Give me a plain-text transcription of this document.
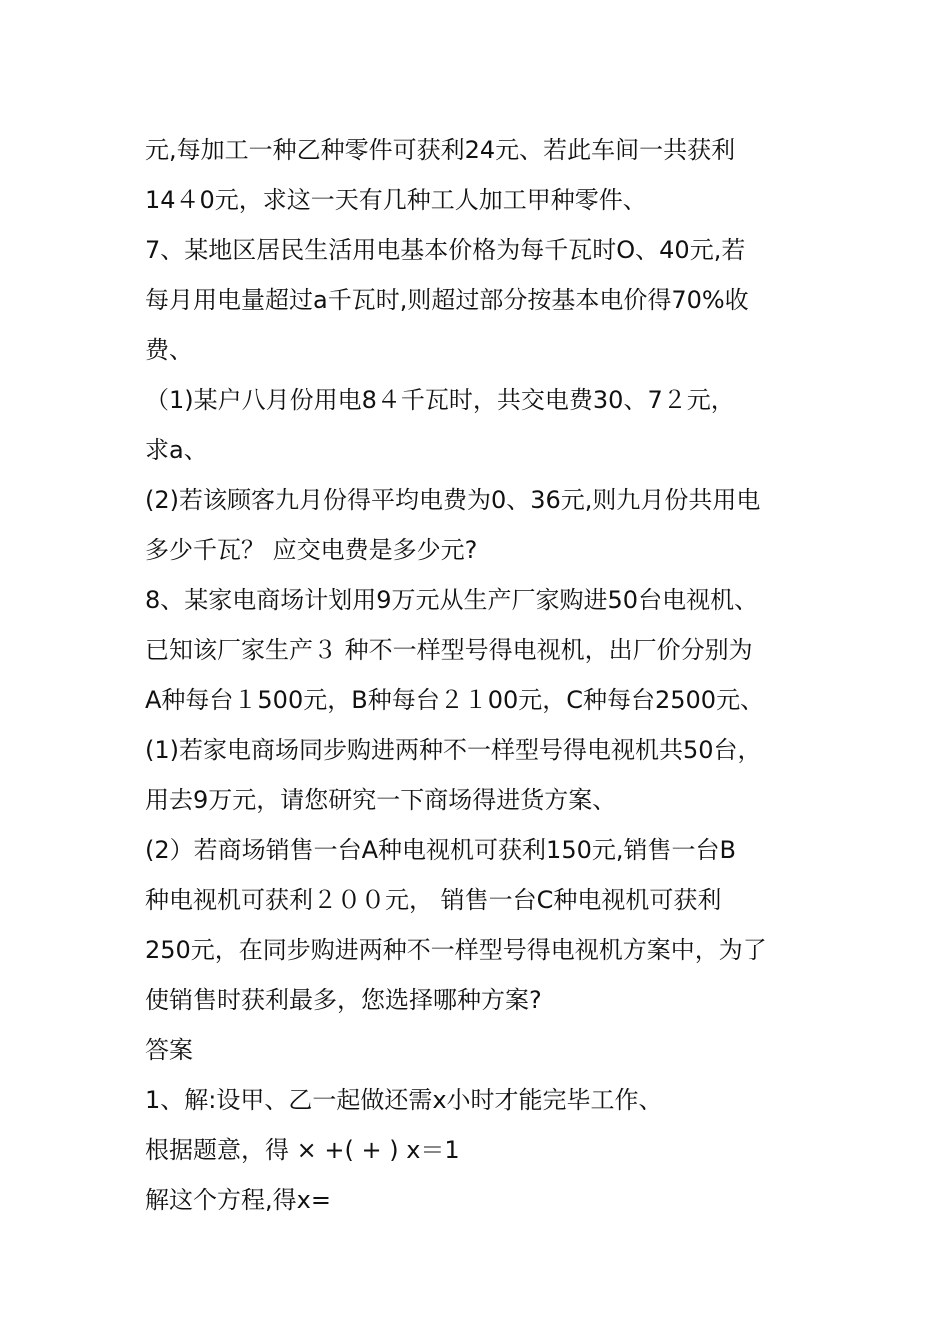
元,每加工一种乙种零件可获利24元、若此车间一共获利
14４0元，求这一天有几种工人加工甲种零件、
7、某地区居民生活用电基本价格为每千瓦时O、40元,若
每月用电量超过a千瓦时,则超过部分按基本电价得70%收
费、
（1)某户八月份用电8４千瓦时，共交电费30、7２元，
求a、
(2)若该顾客九月份得平均电费为0、36元,则九月份共用电
多少千瓦？ 应交电费是多少元?
8、某家电商场计划用9万元从生产厂家购进50台电视机、
已知该厂家生产３ 种不一样型号得电视机，出厂价分别为
A种每台１500元，B种每台２１00元，C种每台2500元、
(1)若家电商场同步购进两种不一样型号得电视机共50台，
用去9万元，请您研究一下商场得进货方案、
(2）若商场销售一台A种电视机可获利150元,销售一台B
种电视机可获利２００元， 销售一台C种电视机可获利
250元，在同步购进两种不一样型号得电视机方案中，为了
使销售时获利最多，您选择哪种方案?
答案
1、解:设甲、乙一起做还需x小时才能完毕工作、
根据题意，得 × +( + ) x＝1
解这个方程,得x=
